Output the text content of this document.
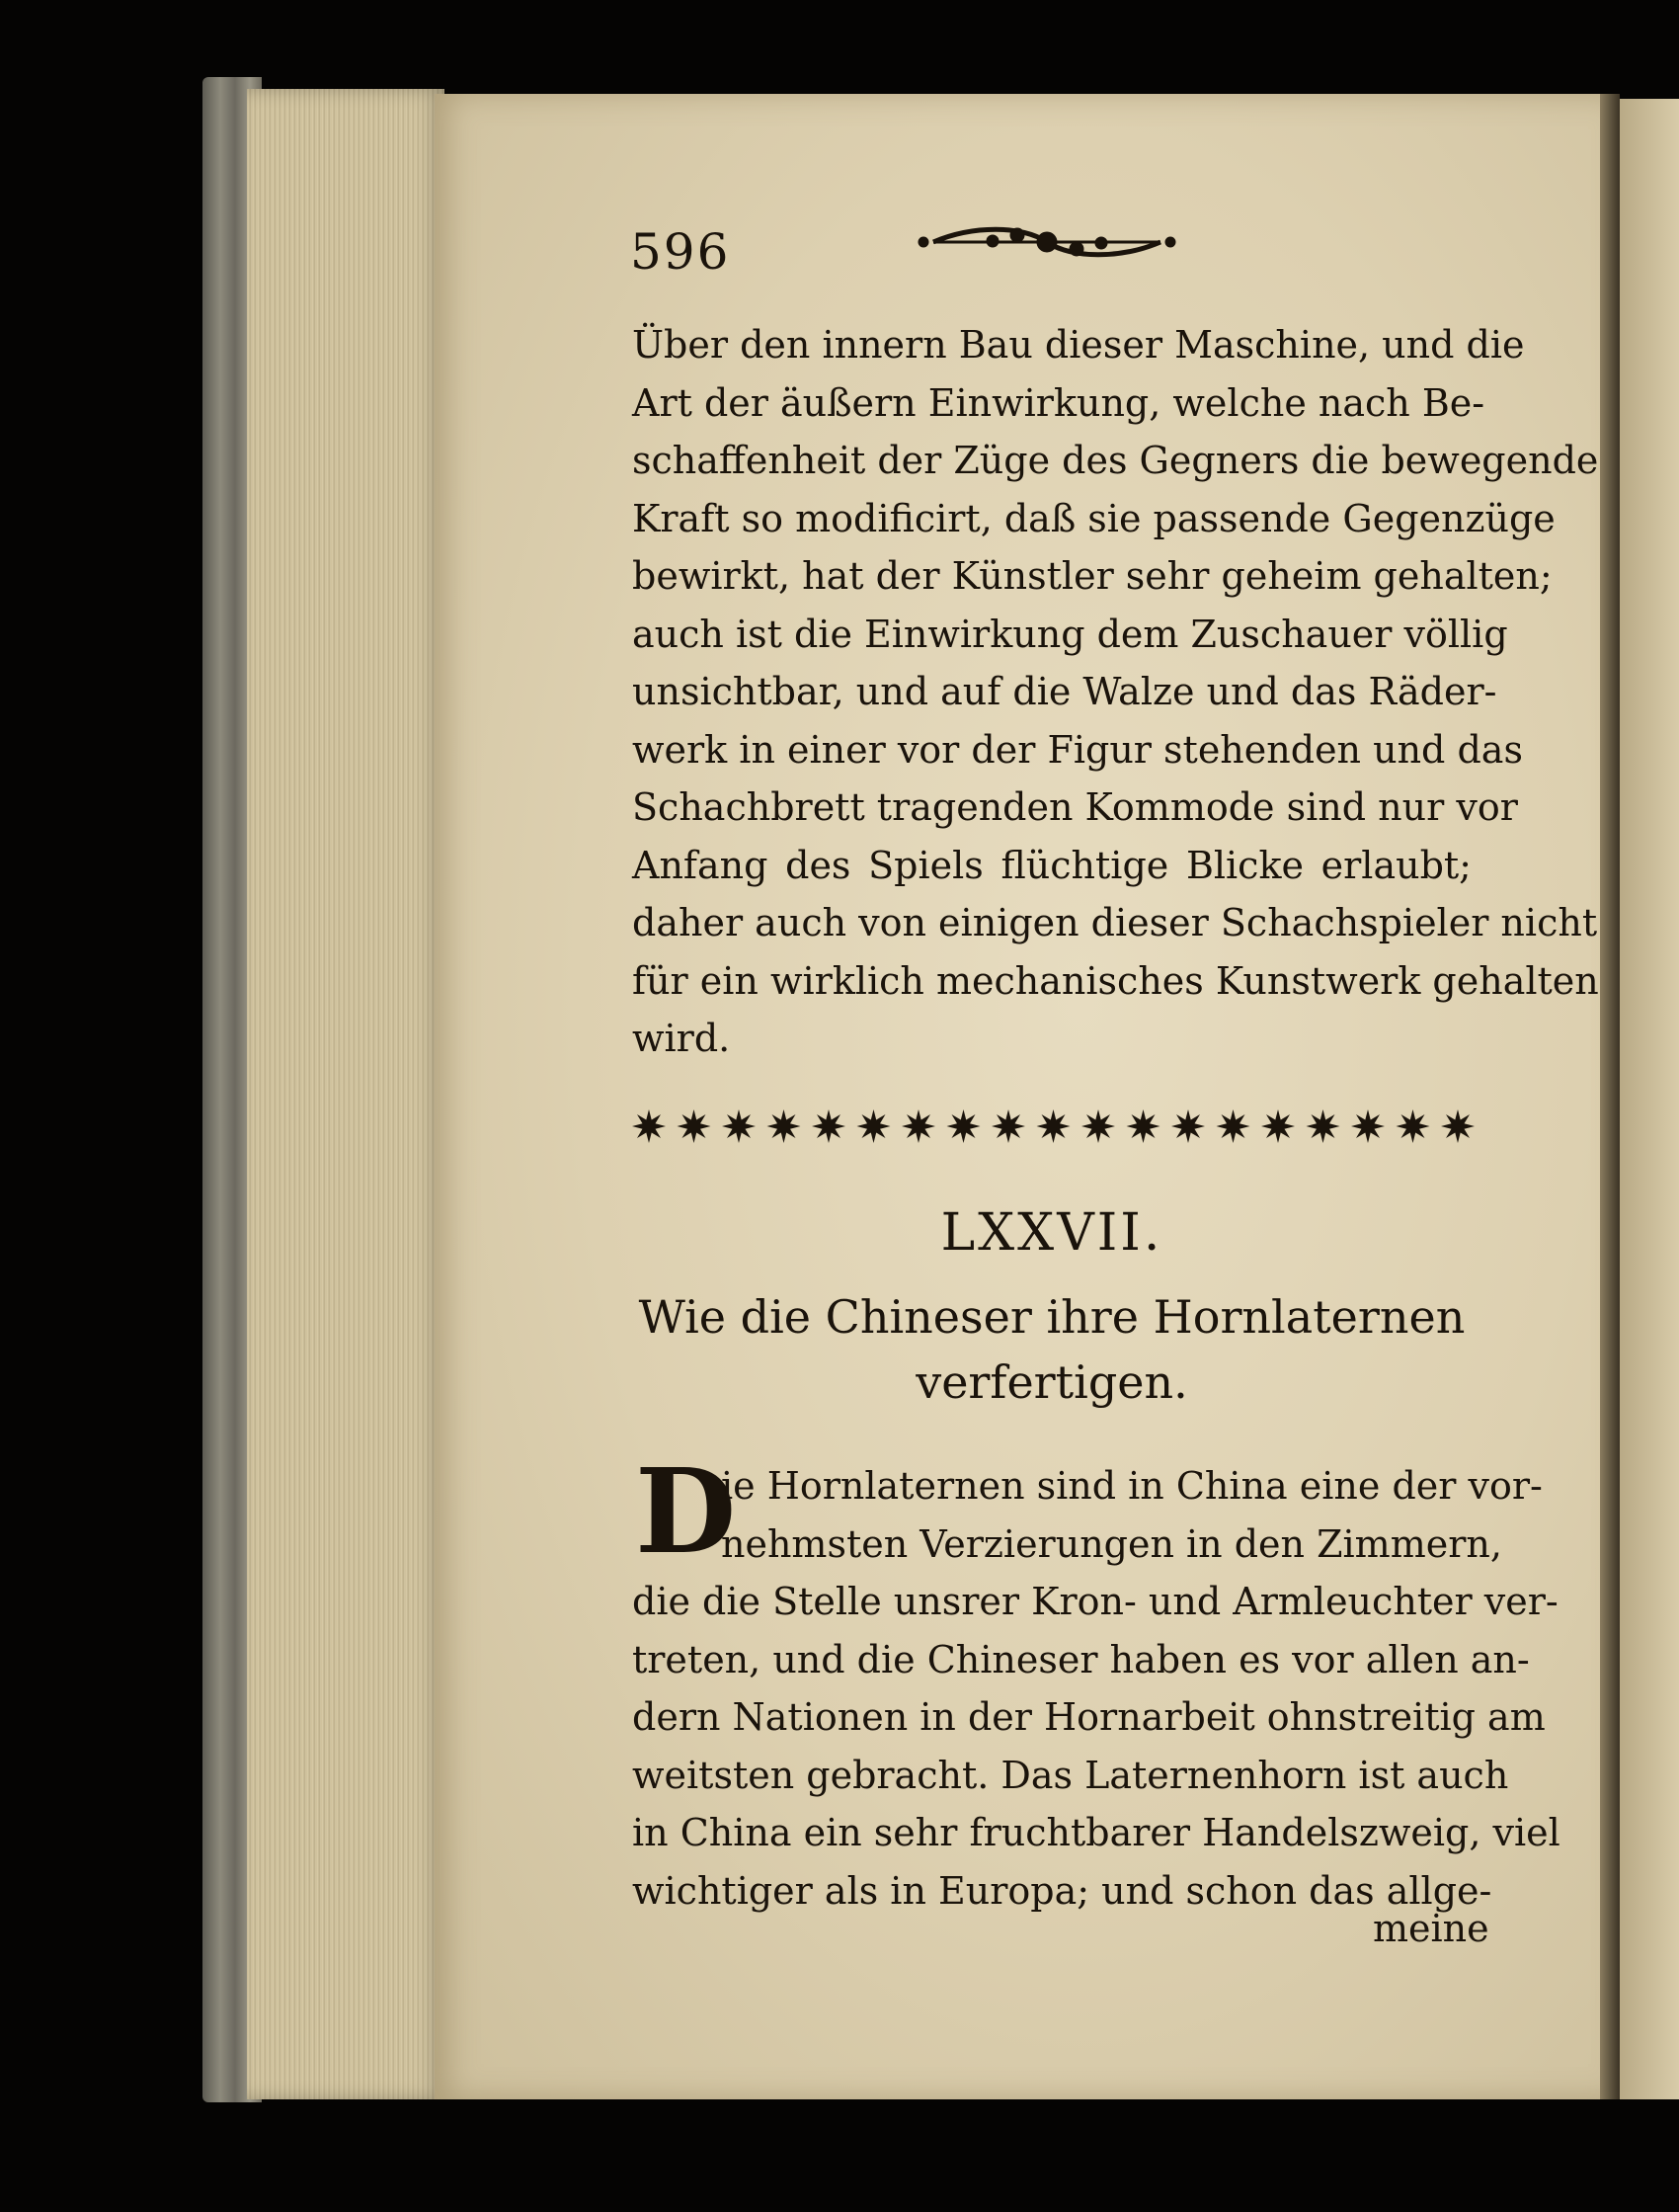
596
Über den innern Bau dieser Maschine, und die
Art der äußern Einwirkung, welche nach Be-
schaffenheit der Züge des Gegners die bewegende
Kraft so modificirt, daß sie passende Gegenzüge
bewirkt, hat der Künstler sehr geheim gehalten;
auch ist die Einwirkung dem Zuschauer völlig
unsichtbar, und auf die Walze und das Räder-
werk in einer vor der Figur stehenden und das
Schachbrett tragenden Kommode sind nur vor
Anfang des Spiels flüchtige Blicke erlaubt;
daher auch von einigen dieser Schachspieler nicht
für ein wirklich mechanisches Kunstwerk gehalten
wird.
LXXVII.
Wie die Chineser ihre Hornlaternen
verfertigen.
D
ie Hornlaternen sind in China eine der vor-
nehmsten Verzierungen in den Zimmern,
die die Stelle unsrer Kron- und Armleuchter ver-
treten, und die Chineser haben es vor allen an-
dern Nationen in der Hornarbeit ohnstreitig am
weitsten gebracht. Das Laternenhorn ist auch
in China ein sehr fruchtbarer Handelszweig, viel
wichtiger als in Europa; und schon das allge-
meine
